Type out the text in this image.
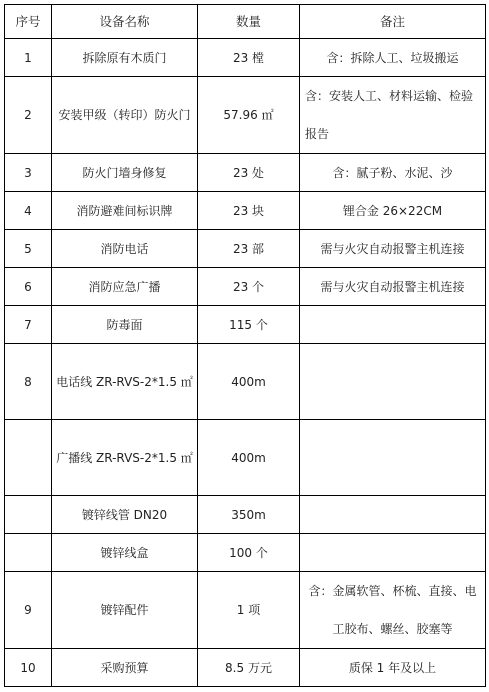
序号	设备名称	数量	备注
1	拆除原有木质门	23 樘	含：拆除人工、垃圾搬运
2	安装甲级（转印）防火门	57.96 ㎡	含：安装人工、材料运输、检验报告
3	防火门墙身修复	23 处	含：腻子粉、水泥、沙
4	消防避难间标识牌	23 块	锂合金 26×22CM
5	消防电话	23 部	需与火灾自动报警主机连接
6	消防应急广播	23 个	需与火灾自动报警主机连接
7	防毒面	115 个	
8	电话线 ZR-RVS-2*1.5 ㎡	400m	
	广播线 ZR-RVS-2*1.5 ㎡	400m	
	镀锌线管 DN20	350m	
	镀锌线盒	100 个	
9	镀锌配件	1 项	含：金属软管、杯梳、直接、电工胶布、螺丝、胶塞等
10	采购预算	8.5 万元	质保 1 年及以上
